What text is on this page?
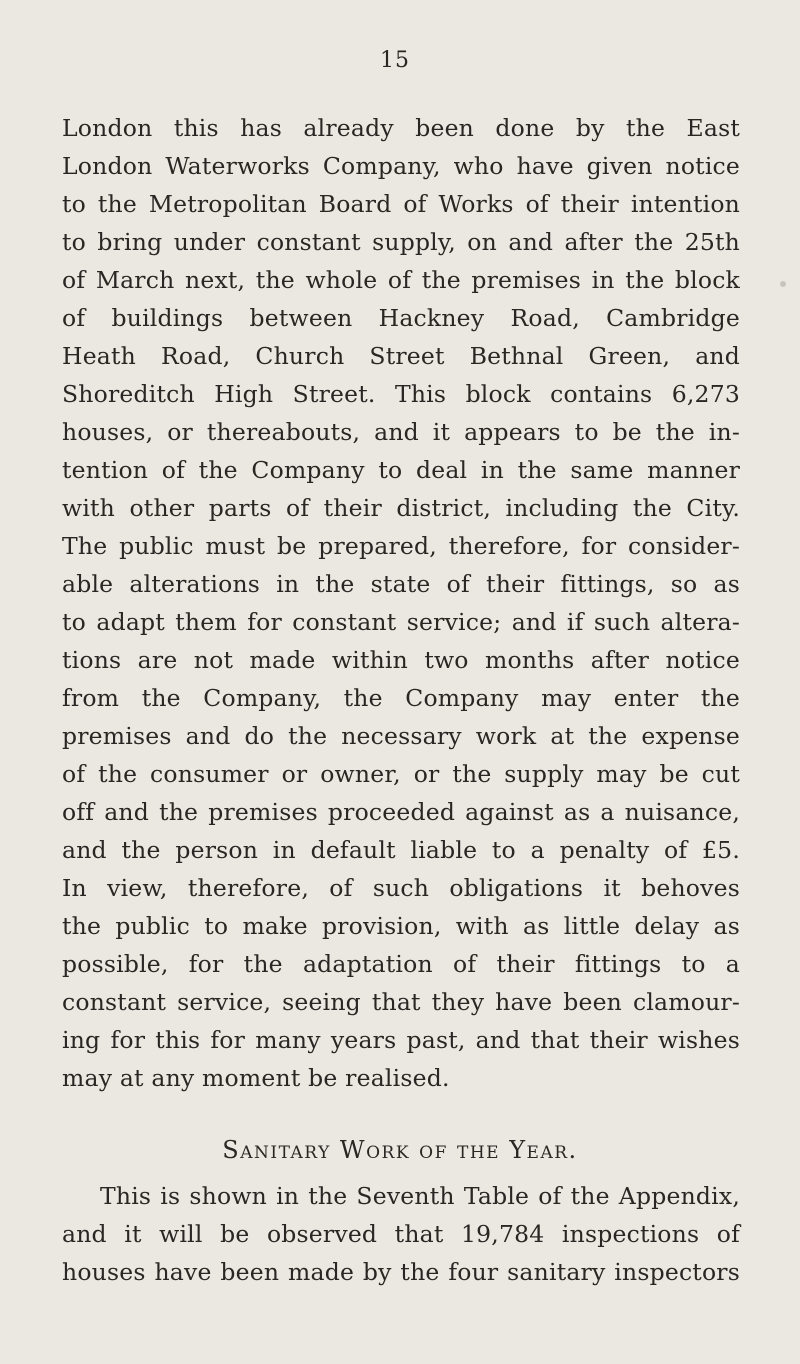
15
London this has already been done by the East
London Waterworks Company, who have given notice
to the Metropolitan Board of Works of their intention
to bring under constant supply, on and after the 25th
of March next, the whole of the premises in the block
of buildings between Hackney Road, Cambridge
Heath Road, Church Street Bethnal Green, and
Shoreditch High Street. This block contains 6,273
houses, or thereabouts, and it appears to be the in-
tention of the Company to deal in the same manner
with other parts of their district, including the City.
The public must be prepared, therefore, for consider-
able alterations in the state of their fittings, so as
to adapt them for constant service; and if such altera-
tions are not made within two months after notice
from the Company, the Company may enter the
premises and do the necessary work at the expense
of the consumer or owner, or the supply may be cut
off and the premises proceeded against as a nuisance,
and the person in default liable to a penalty of £5.
In view, therefore, of such obligations it behoves
the public to make provision, with as little delay as
possible, for the adaptation of their fittings to a
constant service, seeing that they have been clamour-
ing for this for many years past, and that their wishes
may at any moment be realised.
Sanitary Work of the Year.
This is shown in the Seventh Table of the Appendix,
and it will be observed that 19,784 inspections of
houses have been made by the four sanitary inspectors
